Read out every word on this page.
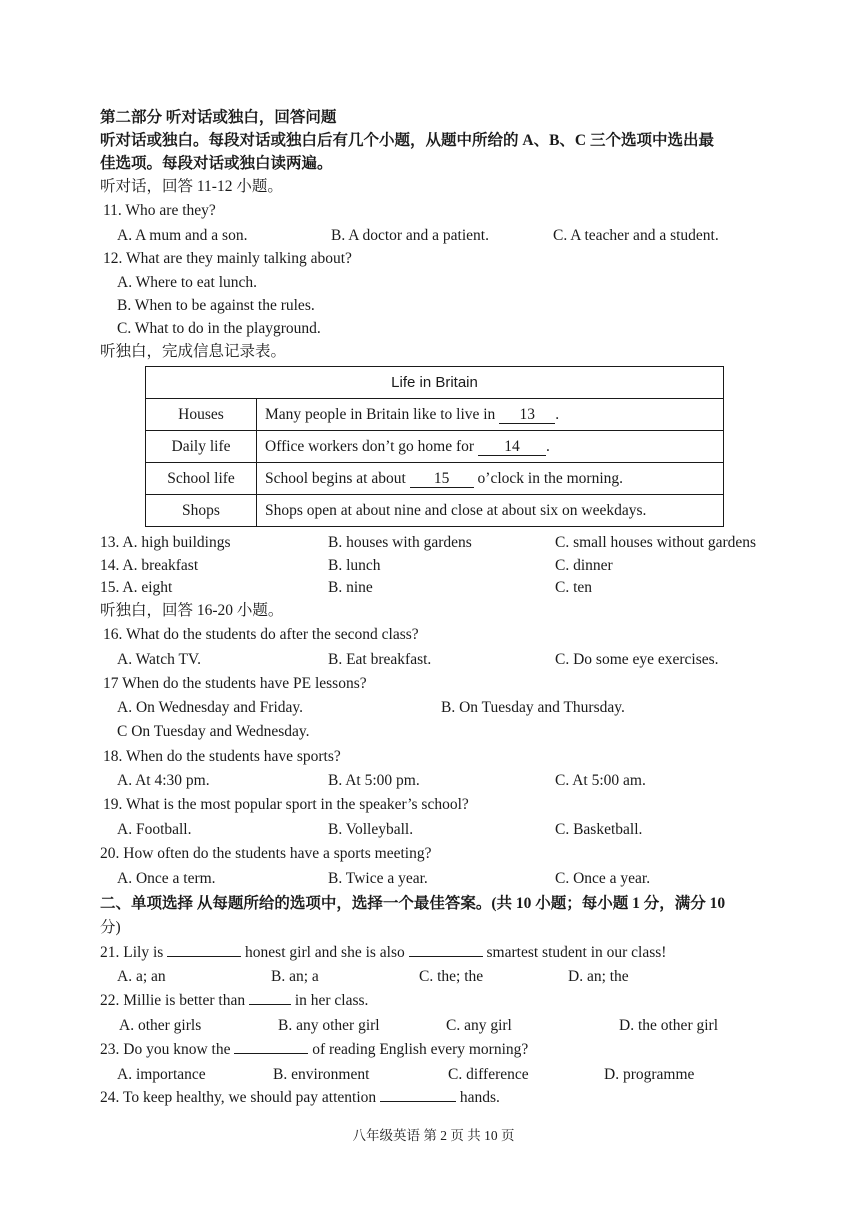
第二部分 听对话或独白，回答问题
听对话或独白。每段对话或独白后有几个小题，从题中所给的 A、B、C 三个选项中选出最
佳选项。每段对话或独白读两遍。
听对话，回答 11-12 小题。
11. Who are they?
A. A mum and a son.	B. A doctor and a patient.	C. A teacher and a student.
12. What are they mainly talking about?
A. Where to eat lunch.
B. When to be against the rules.
C. What to do in the playground.
听独白，完成信息记录表。
Life in Britain	
Houses	Many people in Britain like to live in 13 .
Daily life	Office workers don’t go home for 14 .
School life	School begins at about 15 o’clock in the morning.
Shops	Shops open at about nine and close at about six on weekdays.
13. A. high buildings	B. houses with gardens	C. small houses without gardens
14. A. breakfast	B. lunch	C. dinner
15. A. eight	B. nine	C. ten
听独白，回答 16-20 小题。
16. What do the students do after the second class?
A. Watch TV.	B. Eat breakfast.	C. Do some eye exercises.
17 When do the students have PE lessons?
A. On Wednesday and Friday.	B. On Tuesday and Thursday.
C On Tuesday and Wednesday.
18. When do the students have sports?
A. At 4:30 pm.	B. At 5:00 pm.	C. At 5:00 am.
19. What is the most popular sport in the speaker’s school?
A. Football.	B. Volleyball.	C. Basketball.
20. How often do the students have a sports meeting?
A. Once a term.	B. Twice a year.	C. Once a year.
二、单项选择 从每题所给的选项中，选择一个最佳答案。(共 10 小题；每小题 1 分，满分 10
分)
21. Lily is	honest girl and she is also	smartest student in our class!
A. a; an	B. an; a	C. the; the	D. an; the
22. Millie is better than	in her class.
A. other girls	B. any other girl	C. any girl	D. the other girl
23. Do you know the	of reading English every morning?
A. importance	B. environment	C. difference	D. programme
24. To keep healthy, we should pay attention	hands.
八年级英语 第 2 页 共 10 页
